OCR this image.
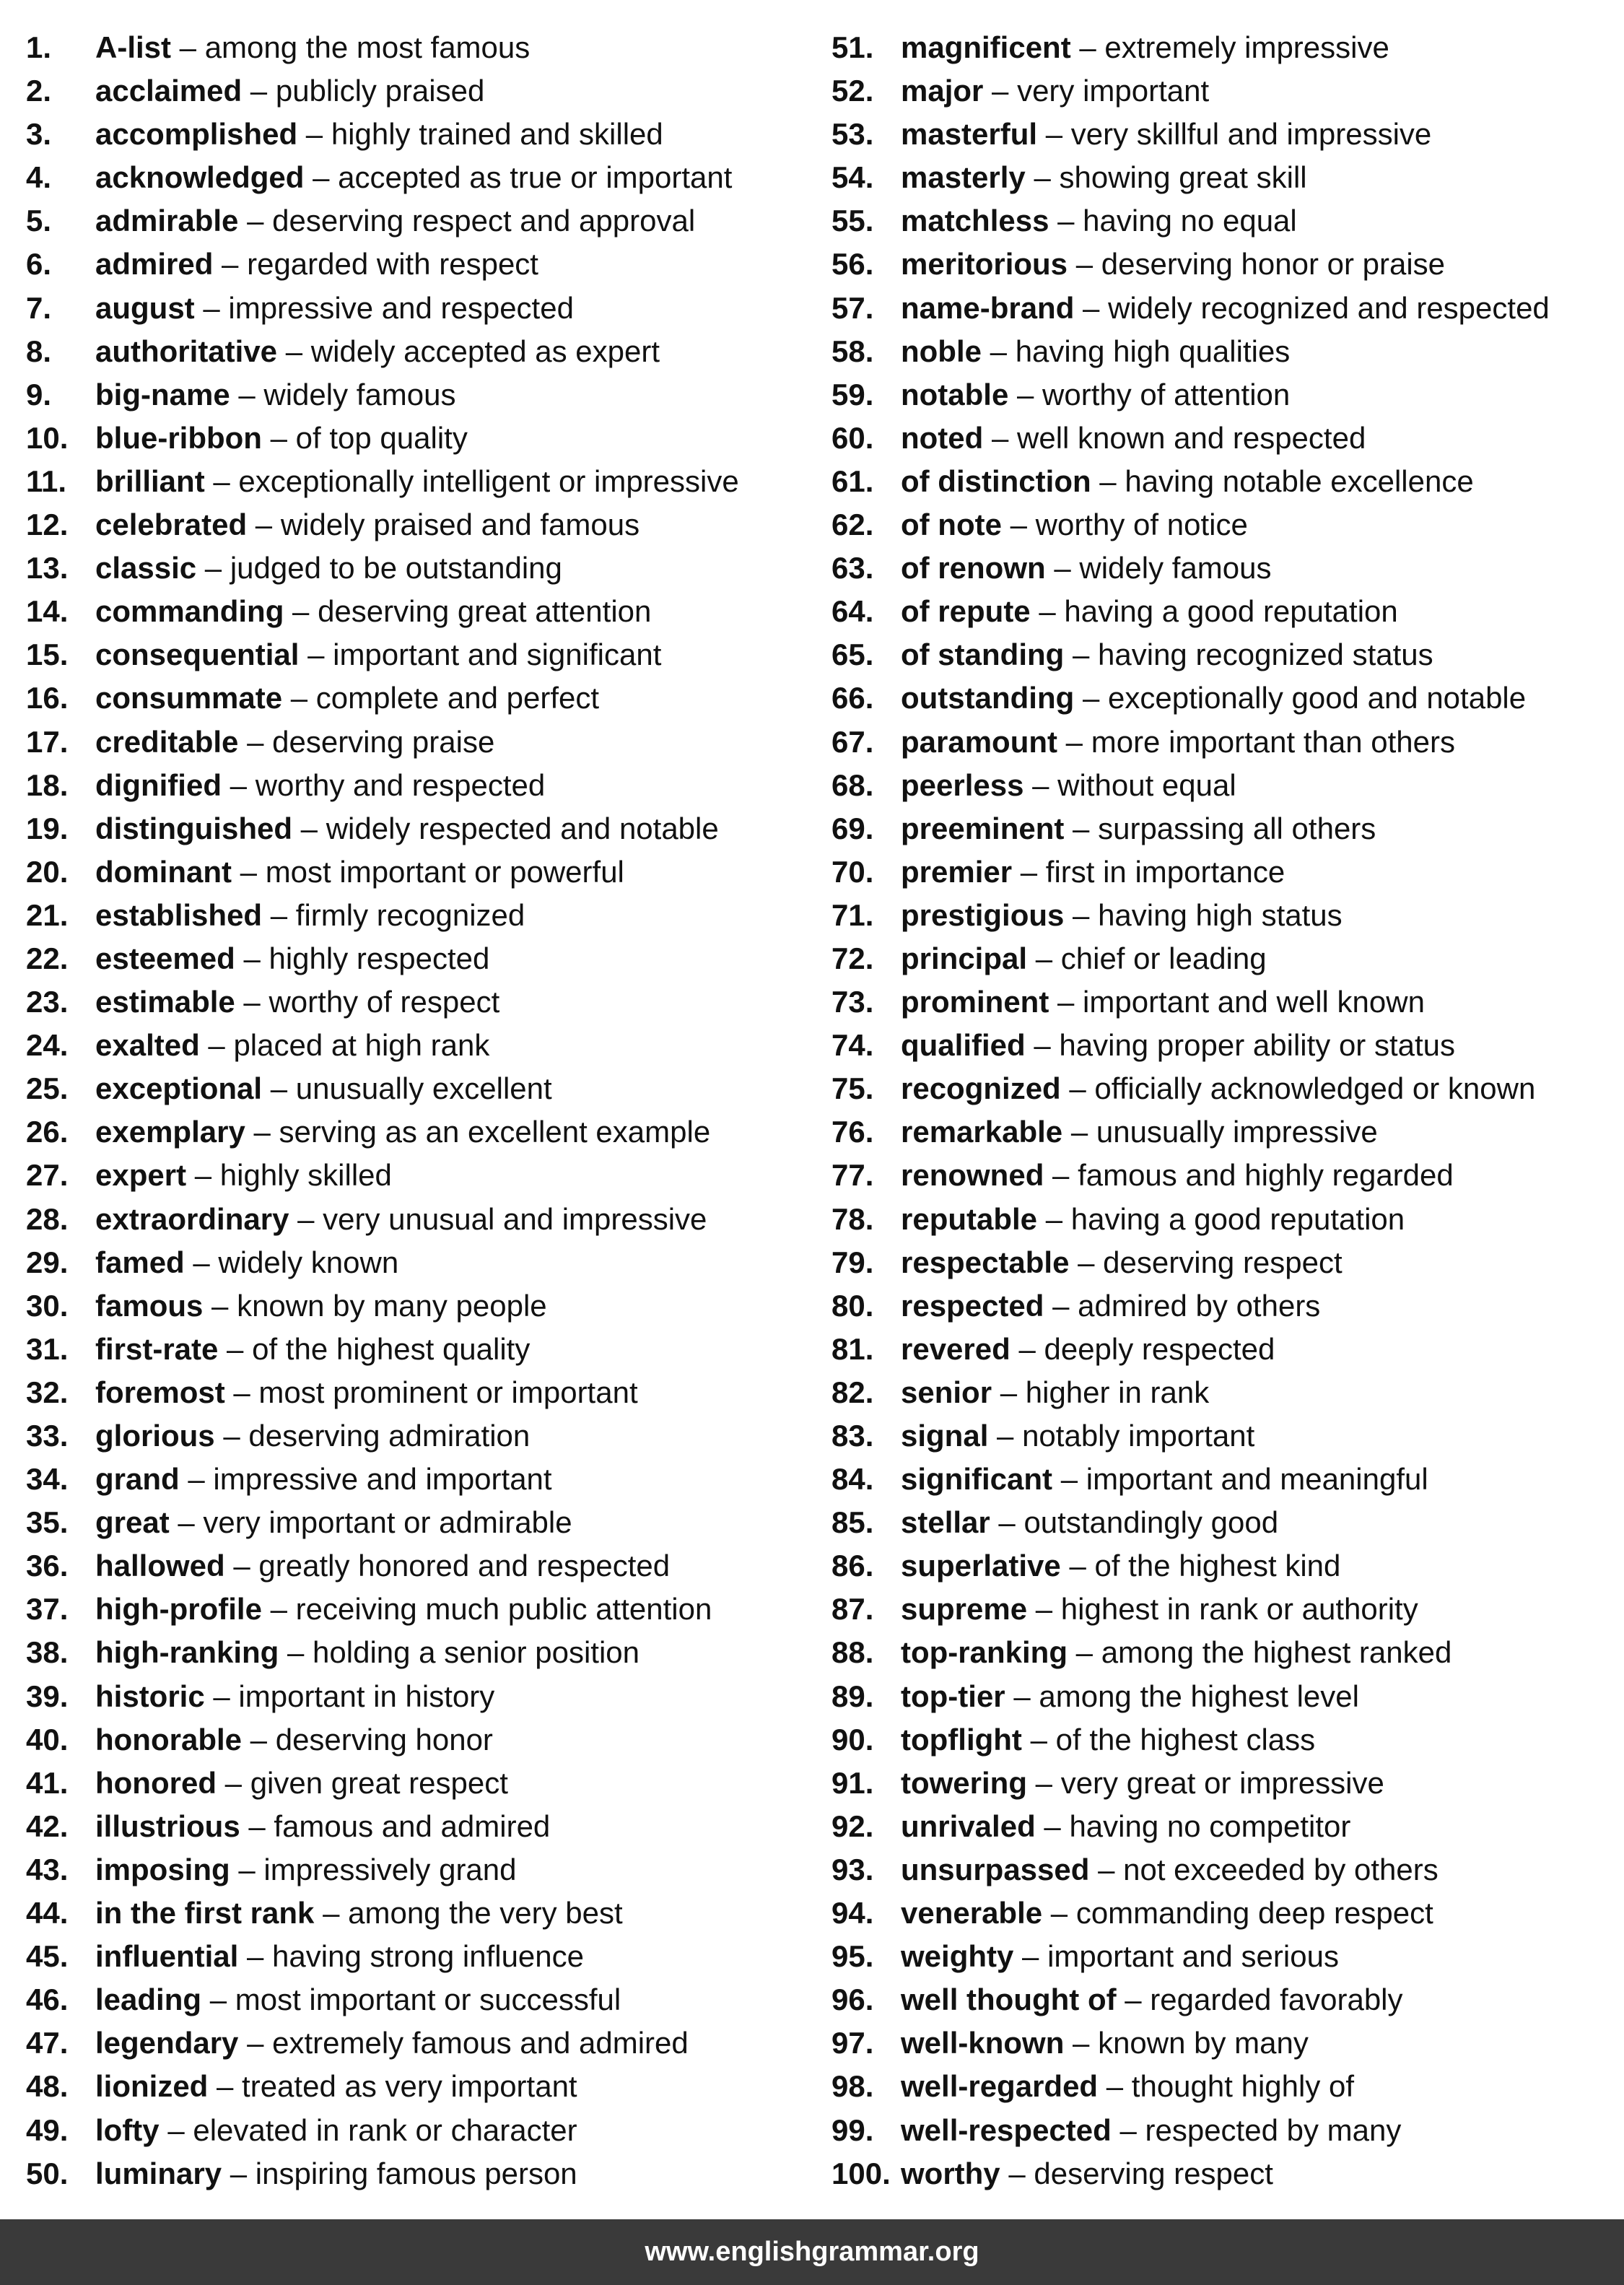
1. A-list – among the most famous
2. acclaimed – publicly praised
3. accomplished – highly trained and skilled
4. acknowledged – accepted as true or important
5. admirable – deserving respect and approval
6. admired – regarded with respect
7. august – impressive and respected
8. authoritative – widely accepted as expert
9. big-name – widely famous
10. blue-ribbon – of top quality
11. brilliant – exceptionally intelligent or impressive
12. celebrated – widely praised and famous
13. classic – judged to be outstanding
14. commanding – deserving great attention
15. consequential – important and significant
16. consummate – complete and perfect
17. creditable – deserving praise
18. dignified – worthy and respected
19. distinguished – widely respected and notable
20. dominant – most important or powerful
21. established – firmly recognized
22. esteemed – highly respected
23. estimable – worthy of respect
24. exalted – placed at high rank
25. exceptional – unusually excellent
26. exemplary – serving as an excellent example
27. expert – highly skilled
28. extraordinary – very unusual and impressive
29. famed – widely known
30. famous – known by many people
31. first-rate – of the highest quality
32. foremost – most prominent or important
33. glorious – deserving admiration
34. grand – impressive and important
35. great – very important or admirable
36. hallowed – greatly honored and respected
37. high-profile – receiving much public attention
38. high-ranking – holding a senior position
39. historic – important in history
40. honorable – deserving honor
41. honored – given great respect
42. illustrious – famous and admired
43. imposing – impressively grand
44. in the first rank – among the very best
45. influential – having strong influence
46. leading – most important or successful
47. legendary – extremely famous and admired
48. lionized – treated as very important
49. lofty – elevated in rank or character
50. luminary – inspiring famous person
51. magnificent – extremely impressive
52. major – very important
53. masterful – very skillful and impressive
54. masterly – showing great skill
55. matchless – having no equal
56. meritorious – deserving honor or praise
57. name-brand – widely recognized and respected
58. noble – having high qualities
59. notable – worthy of attention
60. noted – well known and respected
61. of distinction – having notable excellence
62. of note – worthy of notice
63. of renown – widely famous
64. of repute – having a good reputation
65. of standing – having recognized status
66. outstanding – exceptionally good and notable
67. paramount – more important than others
68. peerless – without equal
69. preeminent – surpassing all others
70. premier – first in importance
71. prestigious – having high status
72. principal – chief or leading
73. prominent – important and well known
74. qualified – having proper ability or status
75. recognized – officially acknowledged or known
76. remarkable – unusually impressive
77. renowned – famous and highly regarded
78. reputable – having a good reputation
79. respectable – deserving respect
80. respected – admired by others
81. revered – deeply respected
82. senior – higher in rank
83. signal – notably important
84. significant – important and meaningful
85. stellar – outstandingly good
86. superlative – of the highest kind
87. supreme – highest in rank or authority
88. top-ranking – among the highest ranked
89. top-tier – among the highest level
90. topflight – of the highest class
91. towering – very great or impressive
92. unrivaled – having no competitor
93. unsurpassed – not exceeded by others
94. venerable – commanding deep respect
95. weighty – important and serious
96. well thought of – regarded favorably
97. well-known – known by many
98. well-regarded – thought highly of
99. well-respected – respected by many
100. worthy – deserving respect
www.englishgrammar.org
